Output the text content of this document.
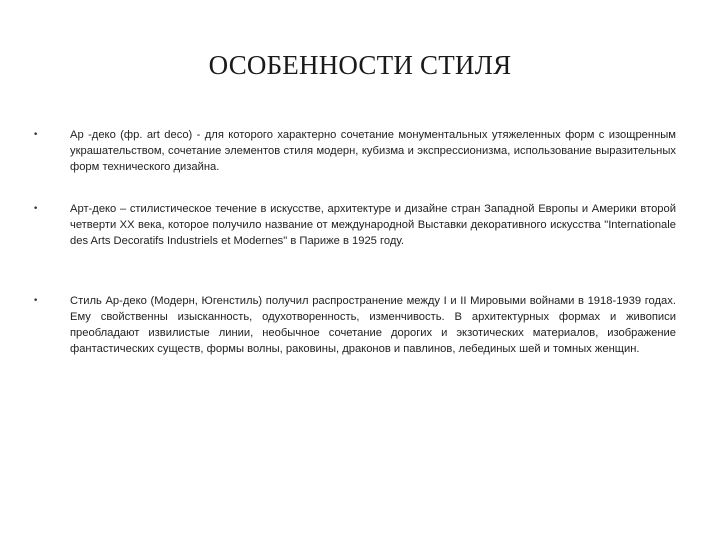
ОСОБЕННОСТИ СТИЛЯ
•	Ар -деко (фр. art deco) - для которого характерно сочетание монументальных утяжеленных форм с изощренным украшательством, сочетание элементов стиля модерн, кубизма и экспрессионизма, использование выразительных форм технического дизайна.
•	Арт-деко – стилистическое течение в искусстве, архитектуре и дизайне стран Западной Европы и Америки второй четверти XX века, которое получило название от международной Выставки декоративного искусства "Internationale des Arts Decoratifs Industriels et Modernes" в Париже в 1925 году.
•	Стиль Ар-деко (Модерн, Югенстиль) получил распространение между I и II Мировыми войнами в 1918-1939 годах. Ему свойственны изысканность, одухотворенность, изменчивость. В архитектурных формах и живописи преобладают извилистые линии, необычное сочетание дорогих и экзотических материалов, изображение фантастических существ, формы волны, раковины, драконов и павлинов, лебединых шей и томных женщин.
